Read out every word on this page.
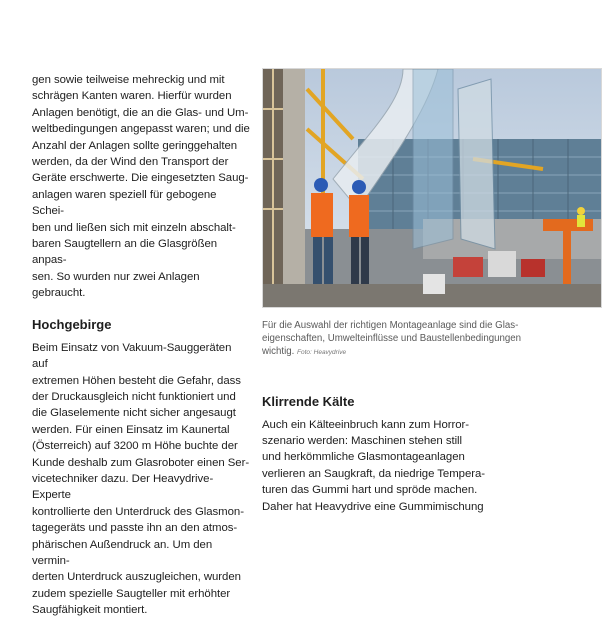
gen sowie teilweise mehreckig und mit
schrägen Kanten waren. Hierfür wurden
Anlagen benötigt, die an die Glas- und Um-
weltbedingungen angepasst waren; und die
Anzahl der Anlagen sollte geringgehalten
werden, da der Wind den Transport der
Geräte erschwerte. Die eingesetzten Saug-
anlagen waren speziell für gebogene Schei-
ben und ließen sich mit einzeln abschalt-
baren Saugtellern an die Glasgrößen anpas-
sen. So wurden nur zwei Anlagen gebraucht.

Hochgebirge

Beim Einsatz von Vakuum-Sauggeräten auf
extremen Höhen besteht die Gefahr, dass
der Druckausgleich nicht funktioniert und
die Glaselemente nicht sicher angesaugt
werden. Für einen Einsatz im Kaunertal
(Österreich) auf 3200 m Höhe buchte der
Kunde deshalb zum Glasroboter einen Ser-
vicetechniker dazu. Der Heavydrive-Experte
kontrollierte den Unterdruck des Glasmon-
tagegeräts und passte ihn an den atmos-
phärischen Außendruck an. Um den vermin-
derten Unterdruck auszugleichen, wurden
zudem spezielle Saugteller mit erhöhter
Saugfähigkeit montiert.

Für die Auswahl der richtigen Montageanlage sind die Glas-
eigenschaften, Umwelteinflüsse und Baustellenbedingungen
wichtig. Foto: Heavydrive
Klirrende Kälte

Auch ein Kälteeinbruch kann zum Horror-
szenario werden: Maschinen stehen still
und herkömmliche Glasmontageanlagen
verlieren an Saugkraft, da niedrige Tempera-
turen das Gummi hart und spröde machen.
Daher hat Heavydrive eine Gummimischung
